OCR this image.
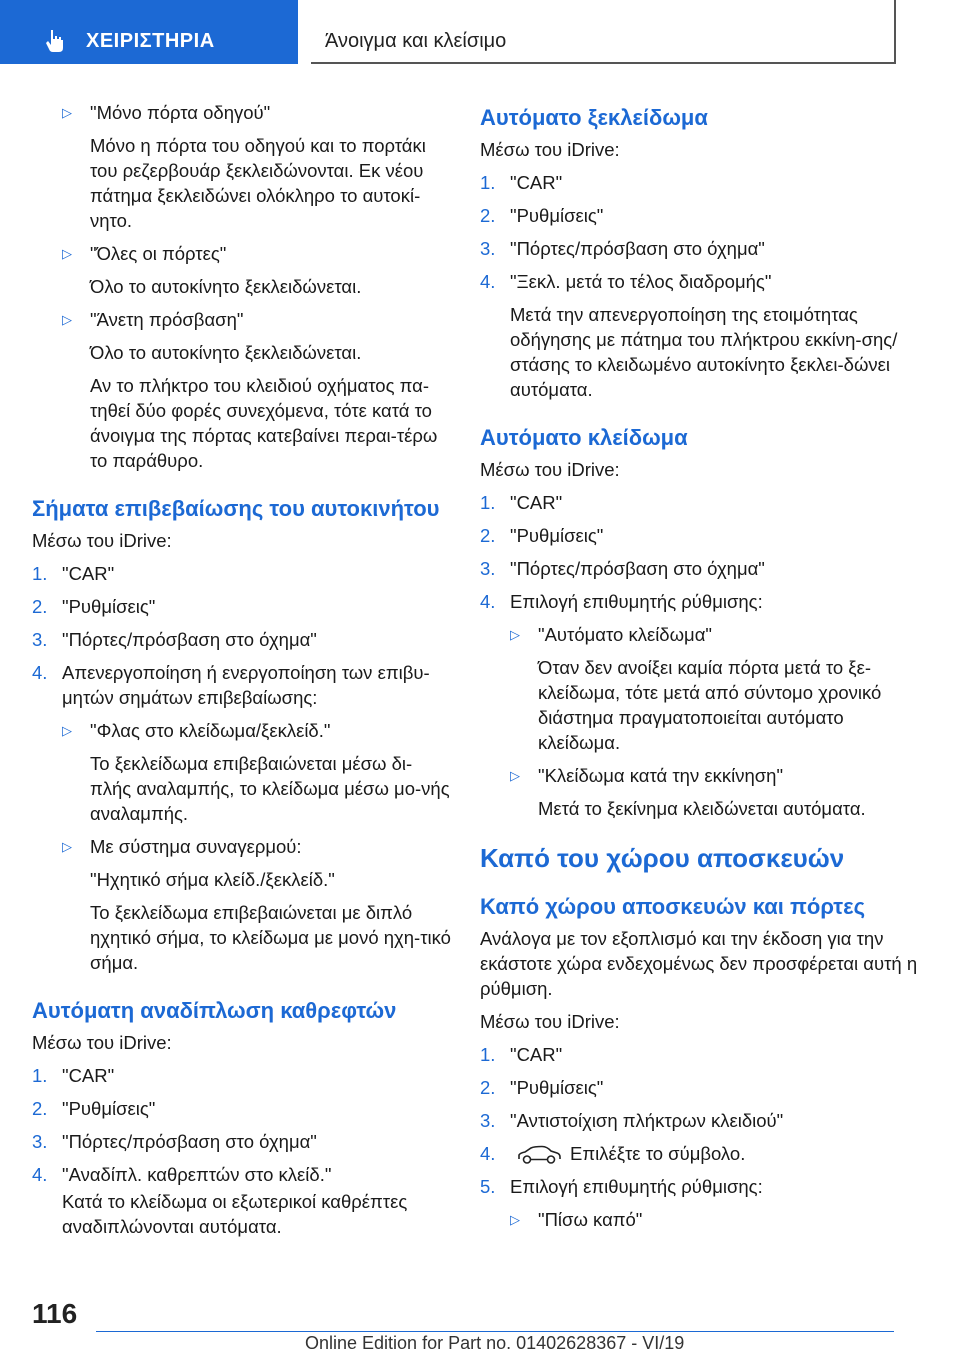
ΧΕΙΡΙΣΤΗΡΙΑ	Άνοιγμα και κλείσιμο
▷ "Μόνο πόρτα οδηγού"
Μόνο η πόρτα του οδηγού και το πορτάκι του ρεζερβουάρ ξεκλειδώνονται. Εκ νέου πάτημα ξεκλειδώνει ολόκληρο το αυτοκί-νητο.
▷ "Όλες οι πόρτες"
Όλο το αυτοκίνητο ξεκλειδώνεται.
▷ "Άνετη πρόσβαση"
Όλο το αυτοκίνητο ξεκλειδώνεται.
Αν το πλήκτρο του κλειδιού οχήματος πα-τηθεί δύο φορές συνεχόμενα, τότε κατά το άνοιγμα της πόρτας κατεβαίνει περαι-τέρω το παράθυρο.
Σήματα επιβεβαίωσης του αυτοκινήτου
Μέσω του iDrive:
1. "CAR"
2. "Ρυθμίσεις"
3. "Πόρτες/πρόσβαση στο όχημα"
4. Απενεργοποίηση ή ενεργοποίηση των επιβυ-μητών σημάτων επιβεβαίωσης:
▷ "Φλας στο κλείδωμα/ξεκλείδ."
Το ξεκλείδωμα επιβεβαιώνεται μέσω δι-πλής αναλαμπής, το κλείδωμα μέσω μο-νής αναλαμπής.
▷ Με σύστημα συναγερμού:
"Ηχητικό σήμα κλείδ./ξεκλείδ."
Το ξεκλείδωμα επιβεβαιώνεται με διπλό ηχητικό σήμα, το κλείδωμα με μονό ηχη-τικό σήμα.
Αυτόματη αναδίπλωση καθρεφτών
Μέσω του iDrive:
1. "CAR"
2. "Ρυθμίσεις"
3. "Πόρτες/πρόσβαση στο όχημα"
4. "Αναδίπλ. καθρεπτών στο κλείδ."
Κατά το κλείδωμα οι εξωτερικοί καθρέπτες αναδιπλώνονται αυτόματα.
Αυτόματο ξεκλείδωμα
Μέσω του iDrive:
1. "CAR"
2. "Ρυθμίσεις"
3. "Πόρτες/πρόσβαση στο όχημα"
4. "Ξεκλ. μετά το τέλος διαδρομής"
Μετά την απενεργοποίηση της ετοιμότητας οδήγησης με πάτημα του πλήκτρου εκκίνη-σης/στάσης το κλειδωμένο αυτοκίνητο ξεκλει-δώνει αυτόματα.
Αυτόματο κλείδωμα
Μέσω του iDrive:
1. "CAR"
2. "Ρυθμίσεις"
3. "Πόρτες/πρόσβαση στο όχημα"
4. Επιλογή επιθυμητής ρύθμισης:
▷ "Αυτόματο κλείδωμα"
Όταν δεν ανοίξει καμία πόρτα μετά το ξε-κλείδωμα, τότε μετά από σύντομο χρονικό διάστημα πραγματοποιείται αυτόματο κλείδωμα.
▷ "Κλείδωμα κατά την εκκίνηση"
Μετά το ξεκίνημα κλειδώνεται αυτόματα.
Καπό του χώρου αποσκευών
Καπό χώρου αποσκευών και πόρτες
Ανάλογα με τον εξοπλισμό και την έκδοση για την εκάστοτε χώρα ενδεχομένως δεν προσφέρεται αυτή η ρύθμιση.
Μέσω του iDrive:
1. "CAR"
2. "Ρυθμίσεις"
3. "Αντιστοίχιση πλήκτρων κλειδιού"
4.	Επιλέξτε το σύμβολο.
5. Επιλογή επιθυμητής ρύθμισης:
▷ "Πίσω καπό"
116
Online Edition for Part no. 01402628367 - VI/19
